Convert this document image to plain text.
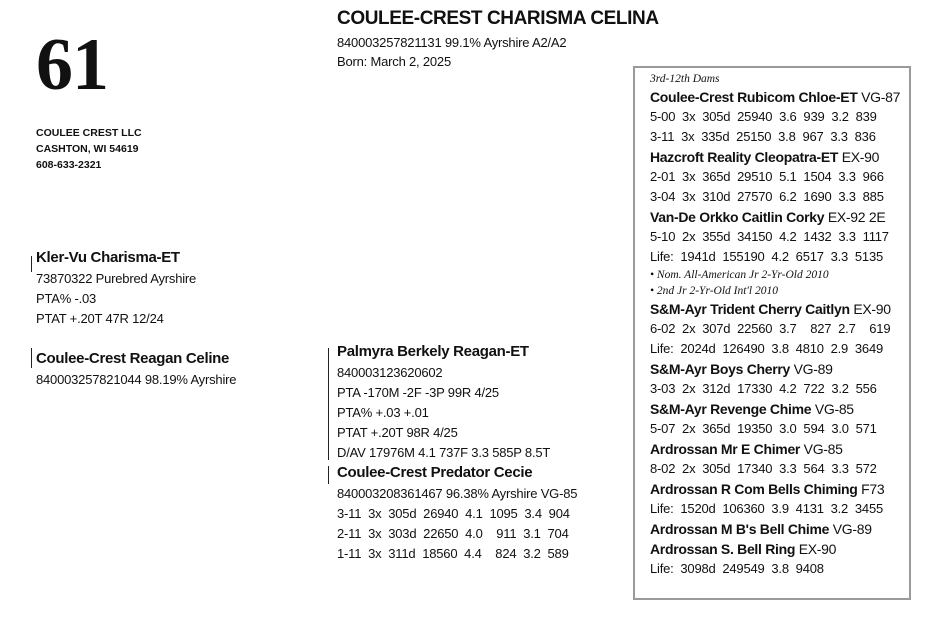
61
COULEE-CREST CHARISMA CELINA
840003257821131 99.1% Ayrshire A2/A2
Born: March 2, 2025
COULEE CREST LLC
CASHTON, WI 54619
608-633-2321
Kler-Vu Charisma-ET
73870322 Purebred Ayrshire
PTA% -.03
PTAT +.20T 47R 12/24
Coulee-Crest Reagan Celine
840003257821044 98.19% Ayrshire
Palmyra Berkely Reagan-ET
840003123620602
PTA -170M -2F -3P 99R 4/25
PTA% +.03 +.01
PTAT +.20T 98R 4/25
D/AV 17976M 4.1 737F 3.3 585P 8.5T
Coulee-Crest Predator Cecie
840003208361467 96.38% Ayrshire VG-85
3-11  3x  305d  26940  4.1  1095  3.4  904
2-11  3x  303d  22650  4.0    911  3.1  704
1-11  3x  311d  18560  4.4    824  3.2  589
3rd-12th Dams
Coulee-Crest Rubicom Chloe-ET VG-87
5-00  3x  305d  25940  3.6  939  3.2  839
3-11  3x  335d  25150  3.8  967  3.3  836
Hazcroft Reality Cleopatra-ET EX-90
2-01  3x  365d  29510  5.1  1504  3.3  966
3-04  3x  310d  27570  6.2  1690  3.3  885
Van-De Orkko Caitlin Corky EX-92 2E
5-10  2x  355d  34150  4.2  1432  3.3  1117
Life:  1941d  155190  4.2  6517  3.3  5135
• Nom. All-American Jr 2-Yr-Old 2010
• 2nd Jr 2-Yr-Old Int'l 2010
S&M-Ayr Trident Cherry Caitlyn EX-90
6-02  2x  307d  22560  3.7    827  2.7    619
Life:  2024d  126490  3.8  4810  2.9  3649
S&M-Ayr Boys Cherry VG-89
3-03  2x  312d  17330  4.2  722  3.2  556
S&M-Ayr Revenge Chime VG-85
5-07  2x  365d  19350  3.0  594  3.0  571
Ardrossan Mr E Chimer VG-85
8-02  2x  305d  17340  3.3  564  3.3  572
Ardrossan R Com Bells Chiming F73
Life:  1520d  106360  3.9  4131  3.2  3455
Ardrossan M B's Bell Chime VG-89
Ardrossan S. Bell Ring EX-90
Life:  3098d  249549  3.8  9408
